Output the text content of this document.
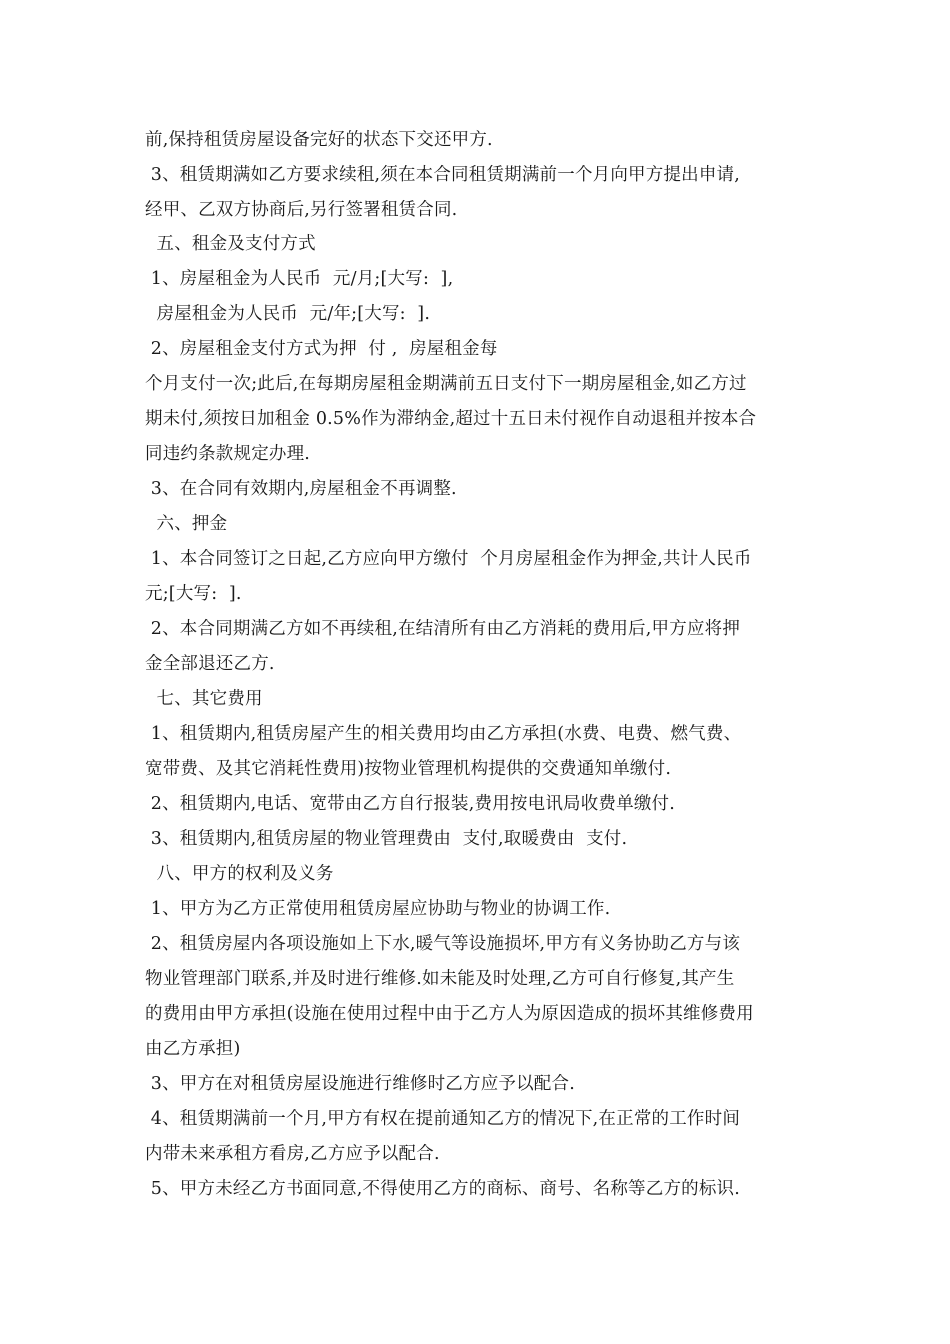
前,保持租赁房屋设备完好的状态下交还甲方.

3、租赁期满如乙方要求续租,须在本合同租赁期满前一个月向甲方提出申请,

经甲、乙双方协商后,另行签署租赁合同.

五、租金及支付方式

1、房屋租金为人民币  元/月;[大写:  ],

房屋租金为人民币  元/年;[大写:  ].

2、房屋租金支付方式为押  付 ,  房屋租金每

个月支付一次;此后,在每期房屋租金期满前五日支付下一期房屋租金,如乙方过

期未付,须按日加租金 0.5%作为滞纳金,超过十五日未付视作自动退租并按本合

同违约条款规定办理.

3、在合同有效期内,房屋租金不再调整.

六、押金

1、本合同签订之日起,乙方应向甲方缴付  个月房屋租金作为押金,共计人民币

元;[大写:  ].

2、本合同期满乙方如不再续租,在结清所有由乙方消耗的费用后,甲方应将押

金全部退还乙方.

七、其它费用

1、租赁期内,租赁房屋产生的相关费用均由乙方承担(水费、电费、燃气费、

宽带费、及其它消耗性费用)按物业管理机构提供的交费通知单缴付.

2、租赁期内,电话、宽带由乙方自行报装,费用按电讯局收费单缴付.

3、租赁期内,租赁房屋的物业管理费由  支付,取暖费由  支付.

八、甲方的权利及义务

1、甲方为乙方正常使用租赁房屋应协助与物业的协调工作.

2、租赁房屋内各项设施如上下水,暖气等设施损坏,甲方有义务协助乙方与该

物业管理部门联系,并及时进行维修.如未能及时处理,乙方可自行修复,其产生

的费用由甲方承担(设施在使用过程中由于乙方人为原因造成的损坏其维修费用

由乙方承担)

3、甲方在对租赁房屋设施进行维修时乙方应予以配合.

4、租赁期满前一个月,甲方有权在提前通知乙方的情况下,在正常的工作时间

内带未来承租方看房,乙方应予以配合.

5、甲方未经乙方书面同意,不得使用乙方的商标、商号、名称等乙方的标识.
